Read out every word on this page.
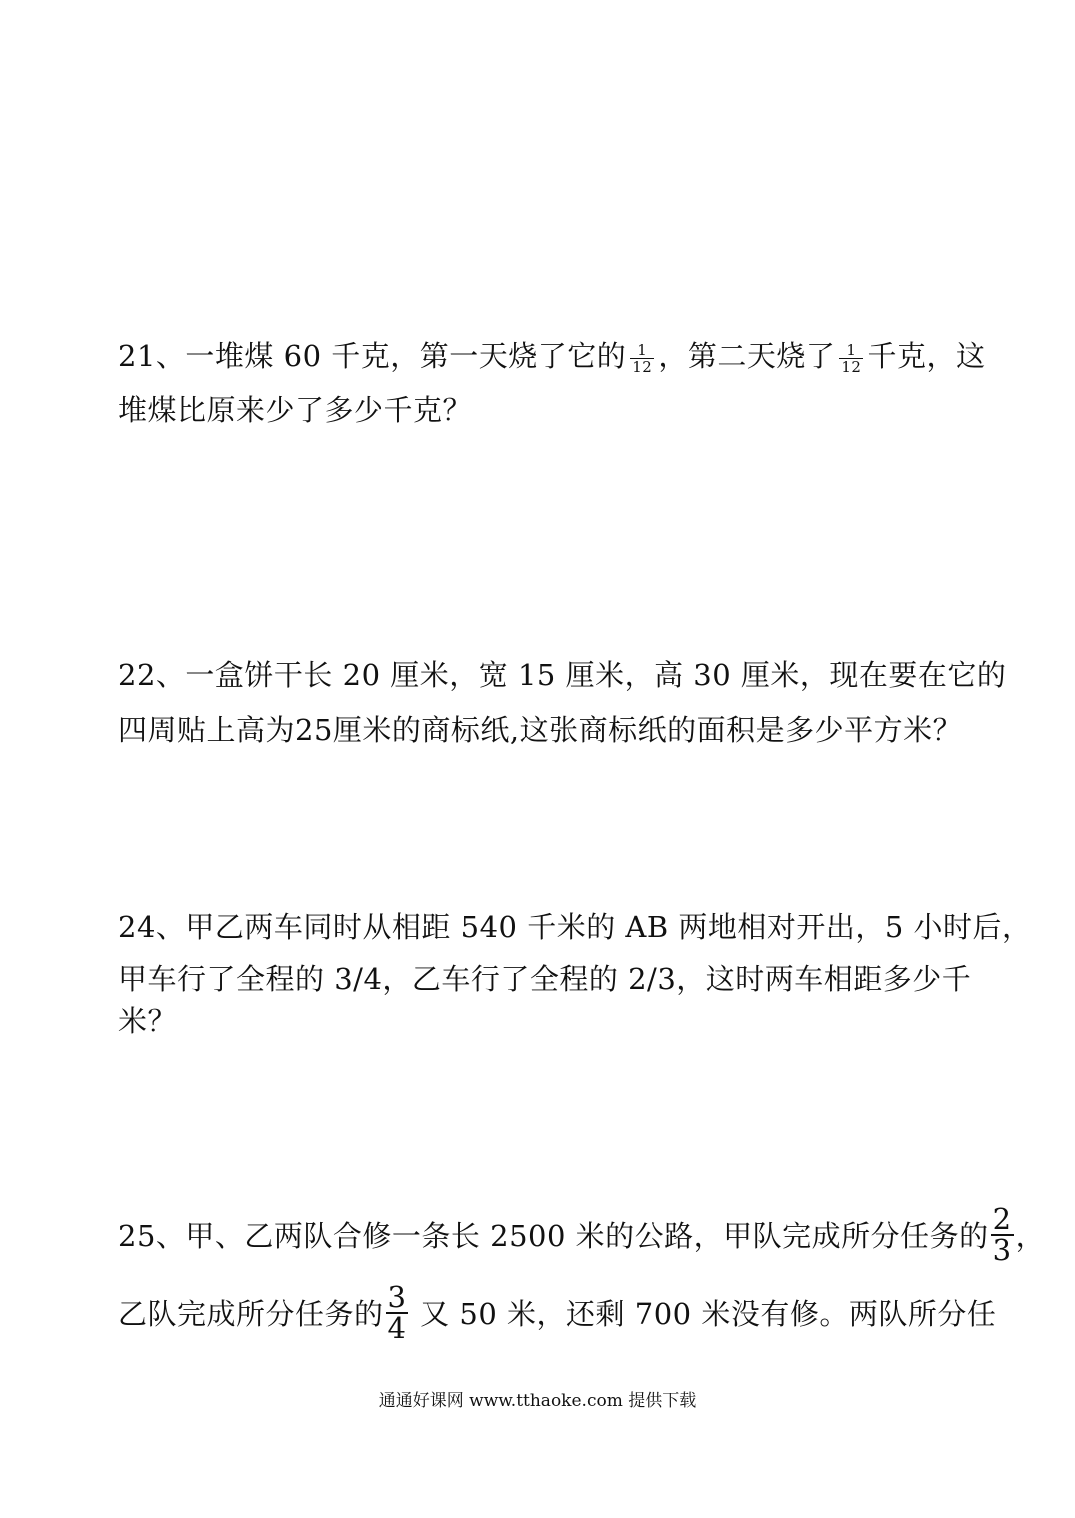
21、一堆煤 60 千克，第一天烧了它的 $\frac{1}{12}$ ，第二天烧了 $\frac{1}{12}$ 千克，这
堆煤比原来少了多少千克？
22、一盒饼干长 20 厘米，宽 15 厘米，高 30 厘米，现在要在它的
四周贴上高为25厘米的商标纸,这张商标纸的面积是多少平方米？
24、甲乙两车同时从相距 540 千米的 AB 两地相对开出，5 小时后，
甲车行了全程的 3/4，乙车行了全程的 2/3，这时两车相距多少千
米？
25、甲、乙两队合修一条长 2500 米的公路，甲队完成所分任务的 $\frac{2}{3}$ ，
乙队完成所分任务的 $\frac{3}{4}$ 又 50 米，还剩 700 米没有修。两队所分任
通通好课网 www.tthaoke.com 提供下载
